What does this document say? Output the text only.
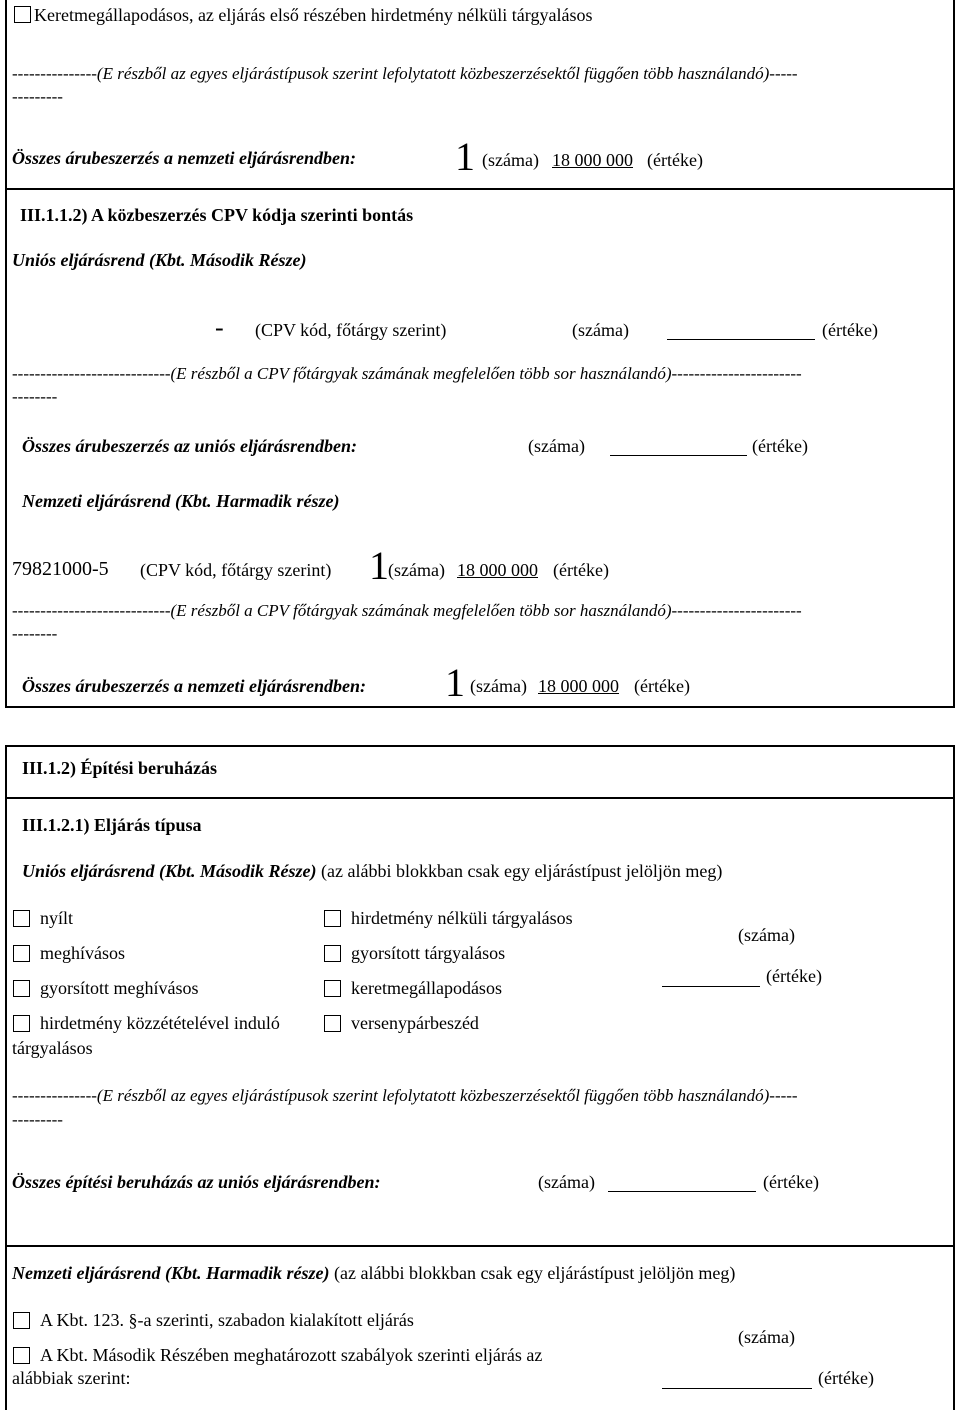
Keretmegállapodásos, az eljárás első részében hirdetmény nélküli tárgyalásos
---------------(E részből az egyes eljárástípusok szerint lefolytatott közbeszerzésektől függően több használandó)-----
---------
Összes árubeszerzés a nemzeti eljárásrendben: 1 (száma) 18 000 000 (értéke)
III.1.1.2) A közbeszerzés CPV kódja szerinti bontás
Uniós eljárásrend (Kbt. Második Része)
- (CPV kód, főtárgy szerint)	(száma)	(értéke)
----------------------------(E részből a CPV főtárgyak számának megfelelően több sor használandó)-----------------------
--------
Összes árubeszerzés az uniós eljárásrendben:	(száma)	(értéke)
Nemzeti eljárásrend (Kbt. Harmadik része)
79821000-5 (CPV kód, főtárgy szerint) 1 (száma) 18 000 000 (értéke)
----------------------------(E részből a CPV főtárgyak számának megfelelően több sor használandó)-----------------------
--------
Összes árubeszerzés a nemzeti eljárásrendben: 1 (száma) 18 000 000 (értéke)
III.1.2) Építési beruházás
III.1.2.1) Eljárás típusa
Uniós eljárásrend (Kbt. Második Része) (az alábbi blokkban csak egy eljárástípust jelöljön meg)
nyílt
meghívásos
gyorsított meghívásos
hirdetmény közzétételével induló
tárgyalásos
hirdetmény nélküli tárgyalásos
gyorsított tárgyalásos
keretmegállapodásos
versenypárbeszéd
(száma)
(értéke)
---------------(E részből az egyes eljárástípusok szerint lefolytatott közbeszerzésektől függően több használandó)-----
---------
Összes építési beruházás az uniós eljárásrendben:	(száma)	(értéke)
Nemzeti eljárásrend (Kbt. Harmadik része) (az alábbi blokkban csak egy eljárástípust jelöljön meg)
A Kbt. 123. §-a szerinti, szabadon kialakított eljárás
A Kbt. Második Részében meghatározott szabályok szerinti eljárás az
alábbiak szerint:
(száma)
(értéke)
